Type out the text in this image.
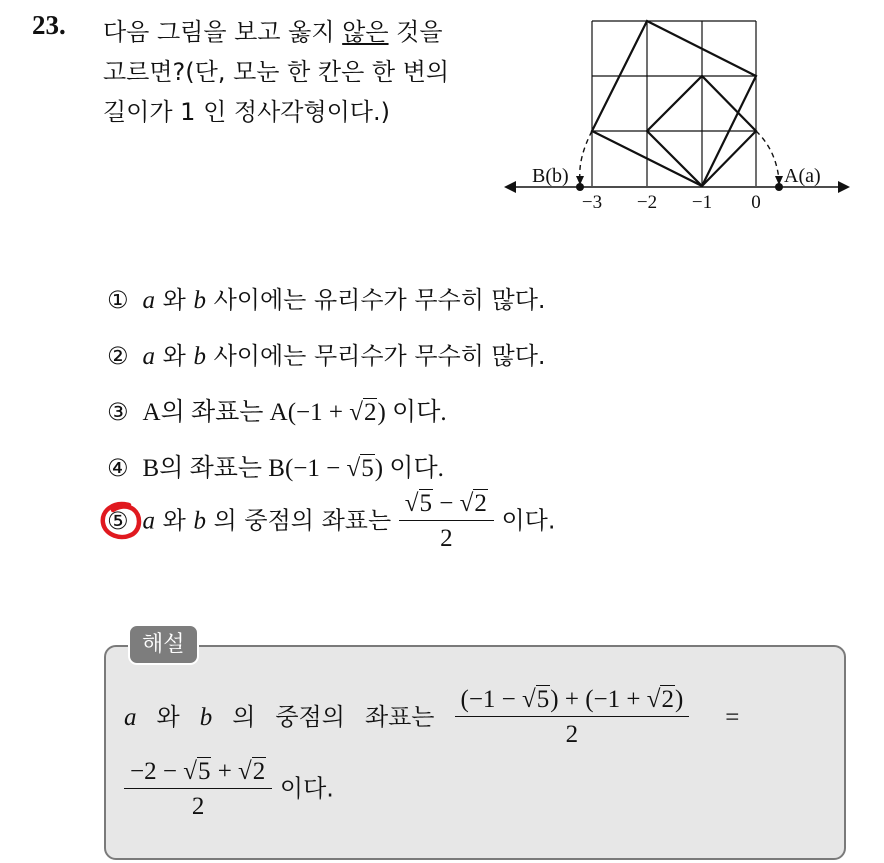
23. 다음 그림을 보고 옳지 않은 것을
고르면?(단, 모눈 한 칸은 한 변의
길이가 1 인 정사각형이다.)
B(b)	A(a)
−3 −2 −1 0
① a 와 b 사이에는 유리수가 무수히 많다.
② a 와 b 사이에는 무리수가 무수히 많다.
③ A의 좌표는 A(−1 + √2) 이다.
④ B의 좌표는 B(−1 − √5) 이다.
⑤ a 와 b 의 중점의 좌표는 $\frac{√5 - √2}{2}$ 이다.
해설
a 와 b 의 중점의 좌표는 $\frac{(-1 - √5) + (-1 + √2)}{2}$ =
$\frac{-2 - √5 + √2}{2}$ 이다.
